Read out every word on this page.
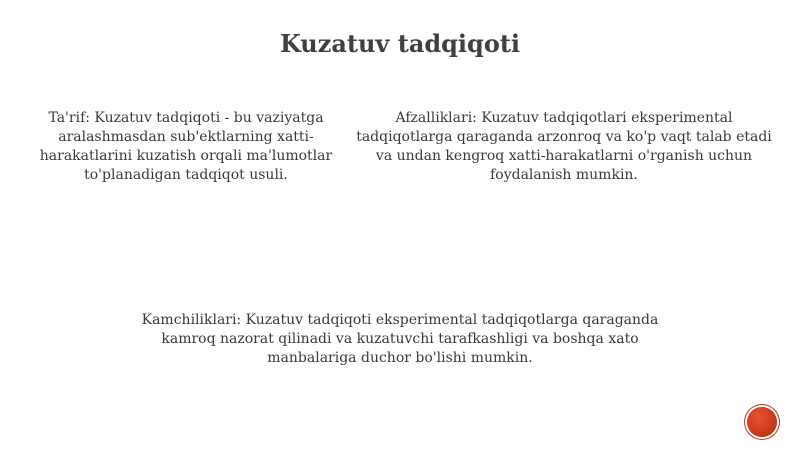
Kuzatuv tadqiqoti
Ta'rif: Kuzatuv tadqiqoti - bu vaziyatga
aralashmasdan sub'ektlarning xatti-
harakatlarini kuzatish orqali ma'lumotlar
to'planadigan tadqiqot usuli.
Afzalliklari: Kuzatuv tadqiqotlari eksperimental
tadqiqotlarga qaraganda arzonroq va ko'p vaqt talab etadi
va undan kengroq xatti-harakatlarni o'rganish uchun
foydalanish mumkin.
Kamchiliklari: Kuzatuv tadqiqoti eksperimental tadqiqotlarga qaraganda
kamroq nazorat qilinadi va kuzatuvchi tarafkashligi va boshqa xato
manbalariga duchor bo'lishi mumkin.
